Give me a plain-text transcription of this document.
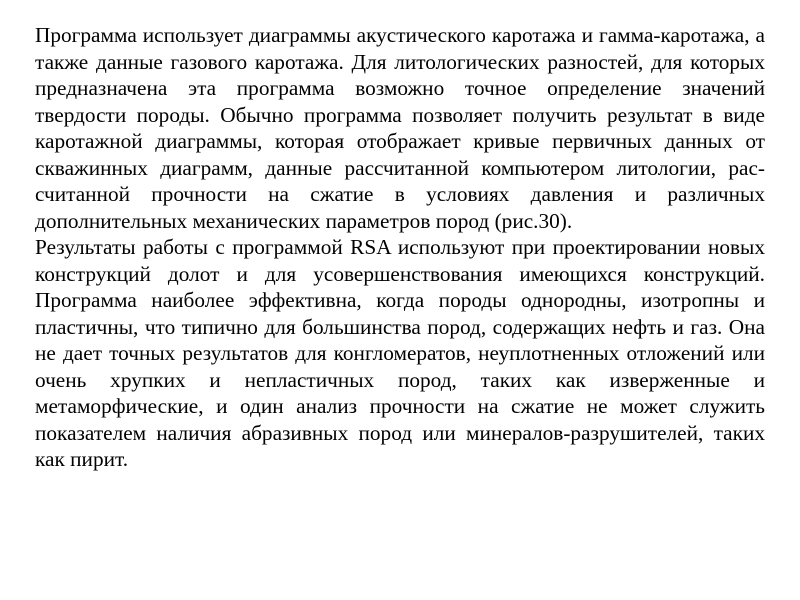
Программа использует диаграммы акустического каротажа и гамма-каротажа, а также данные газового каротажа. Для литологических разностей, для которых предназначена эта программа возможно точное определение значений твердости породы. Обычно программа позволяет получить результат в виде каротажной диаграммы, которая отображает кривые первичных данных от скважинных диаграмм, данные рассчитанной компьютером литологии, рас-считанной прочности на сжатие в условиях давления и различных дополнительных механических параметров пород (рис.30).

Результаты работы с программой RSA используют при проектировании новых конструкций долот и для усовершенствования имеющихся конструкций. Программа наиболее эффективна, когда породы однородны, изотропны и пластичны, что типично для большинства пород, содержащих нефть и газ. Она не дает точных результатов для конгломератов, неуплотненных отложений или очень хрупких и непластичных пород, таких как изверженные и метаморфические, и один анализ прочности на сжатие не может служить показателем наличия абразивных пород или минералов-разрушителей, таких как пирит.
